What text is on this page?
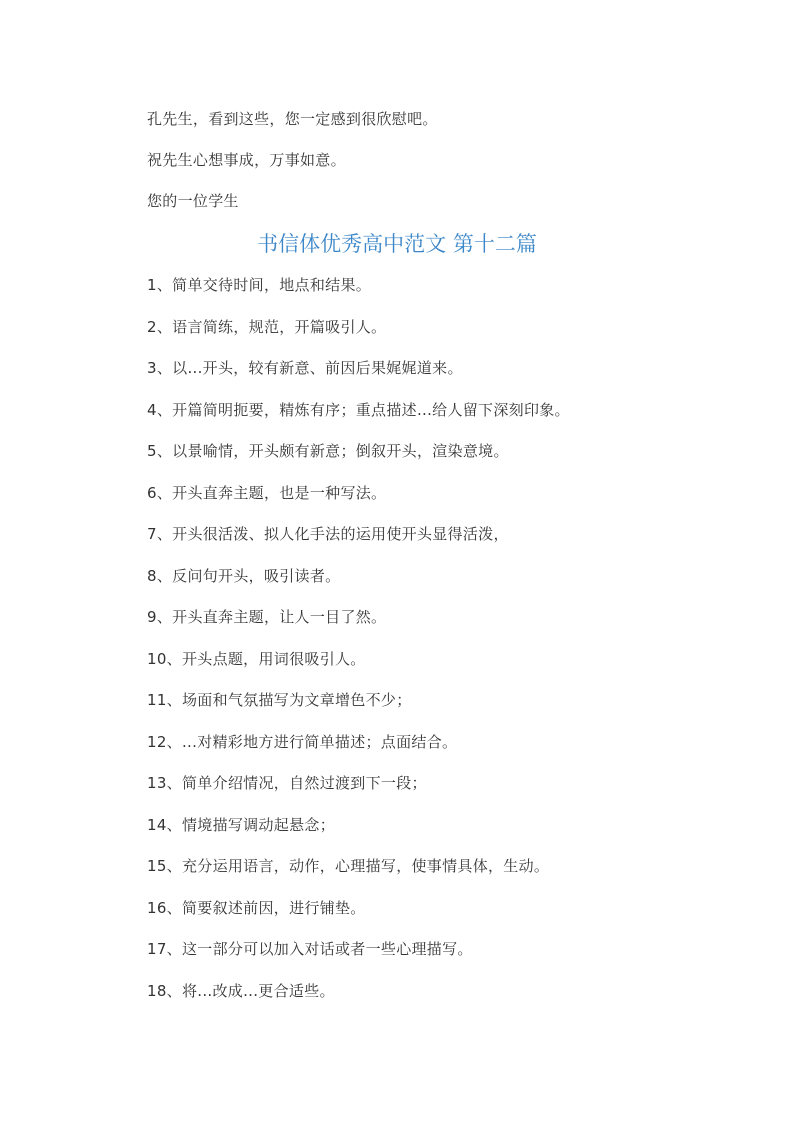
孔先生，看到这些，您一定感到很欣慰吧。
祝先生心想事成，万事如意。
您的一位学生
书信体优秀高中范文 第十二篇
1、简单交待时间，地点和结果。
2、语言简练，规范，开篇吸引人。
3、以...开头，较有新意、前因后果娓娓道来。
4、开篇简明扼要，精炼有序；重点描述...给人留下深刻印象。
5、以景喻情，开头颇有新意；倒叙开头，渲染意境。
6、开头直奔主题，也是一种写法。
7、开头很活泼、拟人化手法的运用使开头显得活泼，
8、反问句开头，吸引读者。
9、开头直奔主题，让人一目了然。
10、开头点题，用词很吸引人。
11、场面和气氛描写为文章增色不少；
12、...对精彩地方进行简单描述；点面结合。
13、简单介绍情况，自然过渡到下一段；
14、情境描写调动起悬念；
15、充分运用语言，动作，心理描写，使事情具体，生动。
16、简要叙述前因，进行铺垫。
17、这一部分可以加入对话或者一些心理描写。
18、将...改成...更合适些。
